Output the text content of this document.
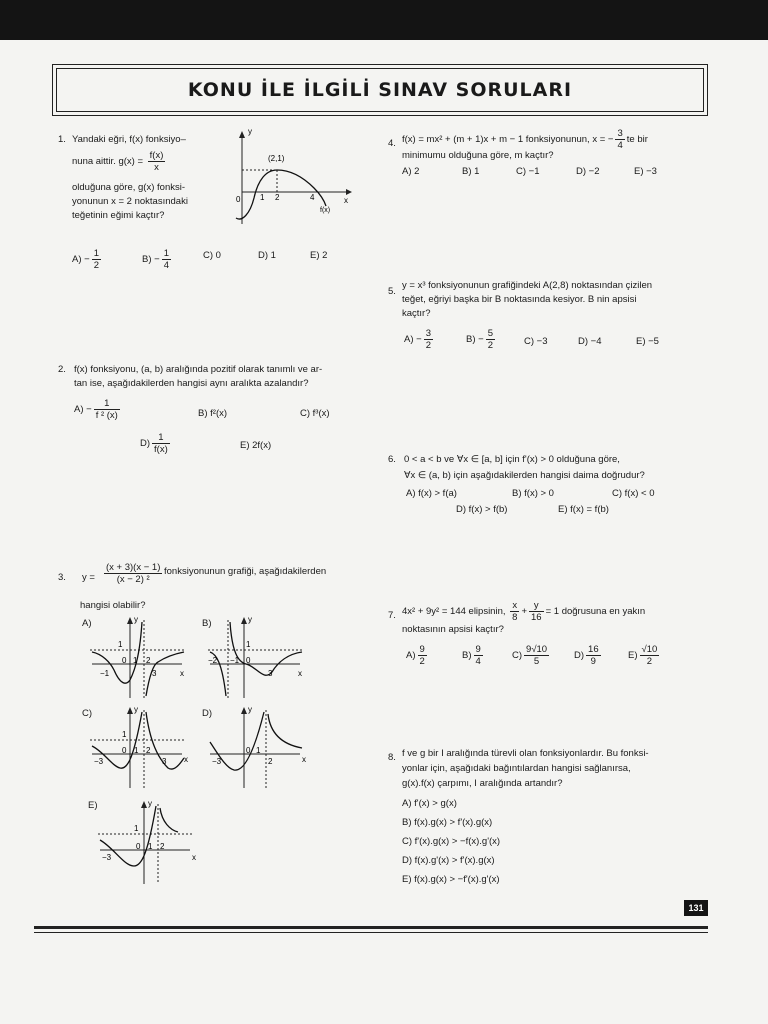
KONU İLE İLGİLİ SINAV SORULARI
1. Yandaki eğri, f(x) fonksiyo–
nuna aittir. $g(x) = \frac{f(x)}{x}$
olduğuna göre, g(x) fonksi-
yonunun x = 2 noktasındaki
teğetinin eğimi kaçtır?
y
x
(2,1)
0 1 2	4
f(x)
$A) - \frac{1}{2}$	$B) - \frac{1}{4}$	C) 0	D) 1	E) 2
2. f(x) fonksiyonu, (a, b) aralığında pozitif olarak tanımlı ve ar-
tan ise, aşağıdakilerden hangisi aynı aralıkta azalandır?
$A) - \frac{1}{\text{f ² (x)}}$	B) f²(x)	C) f³(x)
$D) \frac{1}{f(x)}$	E) 2f(x)
3. $y = \frac{(x + 3)(x - 1)}{\text{(x − 2) ²}}$ fonksiyonunun grafiği, aşağıdakilerden
hangisi olabilir?
A)
x
y
1
0 1 2
−1	3
B)
x
y
1
−2 −1 0
3
C)
x
y
1
0 1 2
−3	3
D)
x
y
0 1
2
−3
E)
x
y
1
0 1 2
−3
4. f(x) = mx² + (m + 1)x + m − 1 fonksiyonunun, x = − $\frac{3}{4}$ te bir
minimumu olduğuna göre, m kaçtır?
A) 2	B) 1	C) −1	D) −2	E) −3
5.
y = x³ fonksiyonunun grafiğindeki A(2,8) noktasından çizilen
teğet, eğriyi başka bir B noktasında kesiyor. B nin apsisi
kaçtır?
$A) - \frac{3}{2}$	$B) - \frac{5}{2}$	C) −3	D) −4	E) −5
6. 0 < a < b ve ∀x ∈ [a, b] için f'(x) > 0 olduğuna göre,
∀x ∈ (a, b) için aşağıdakilerden hangisi daima doğrudur?
A) f(x) > f(a)	B) f(x) > 0	C) f(x) < 0
D) f(x) > f(b)	E) f(x) = f(b)
7. 4x² + 9y² = 144 elipsinin, $\frac{x}{8} + \frac{y}{16} = 1$ doğrusuna en yakın
noktasının apsisi kaçtır?
$A) \frac{9}{2}$	$B) \frac{9}{4}$	$C) \frac{9√10}{5}$	$D) \frac{16}{9}$	$E) \frac{√10}{2}$
8. f ve g bir I aralığında türevli olan fonksiyonlardır. Bu fonksi-
yonlar için, aşağıdaki bağıntılardan hangisi sağlanırsa,
g(x).f(x) çarpımı, I aralığında artandır?
A) f'(x) > g(x)
B) f(x).g(x) > f'(x).g(x)
C) f'(x).g(x) > −f(x).g'(x)
D) f(x).g'(x) > f'(x).g(x)
E) f(x).g(x) > −f'(x).g'(x)
131
